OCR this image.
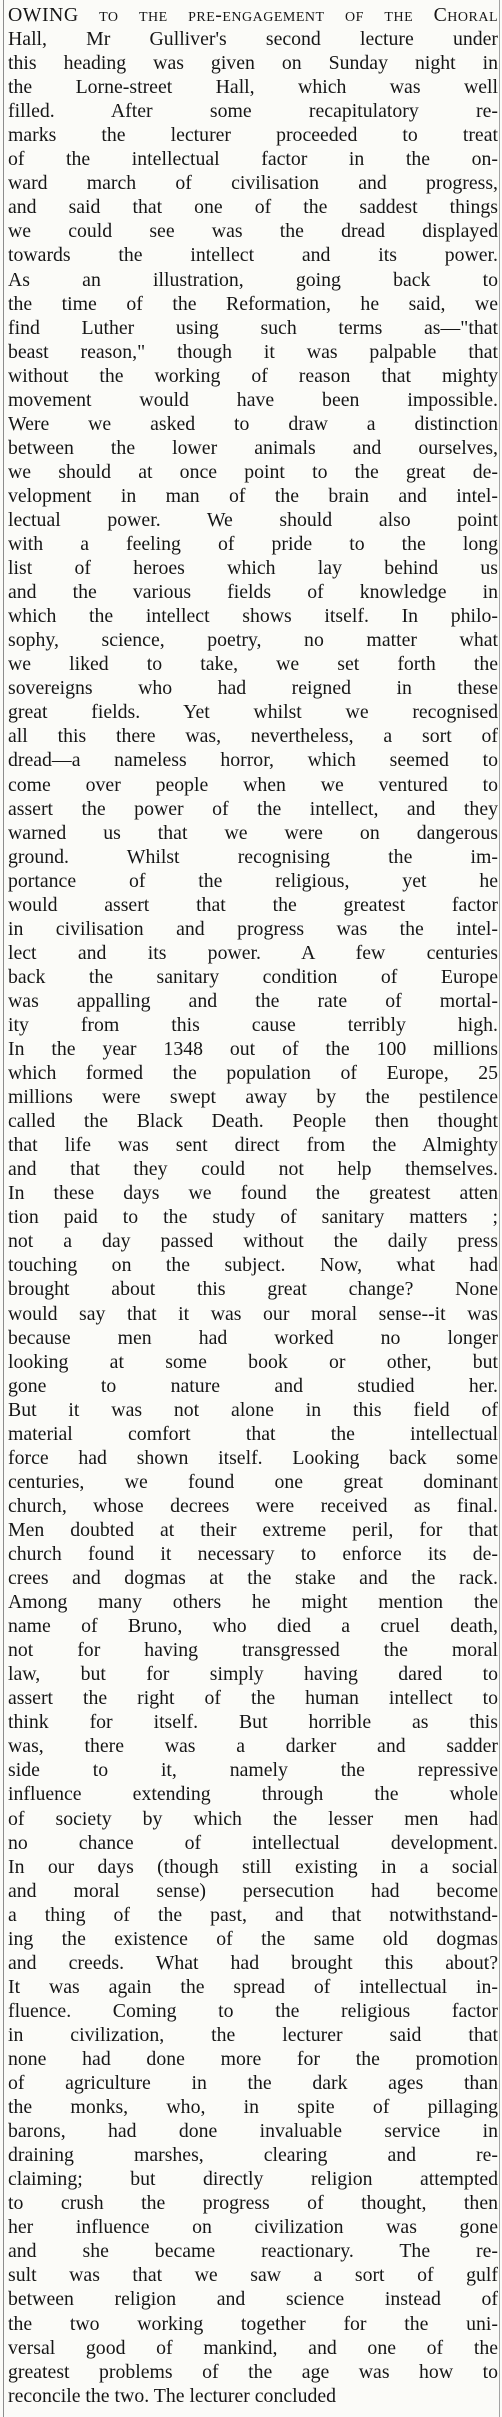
OWING to the pre-engagement of the Choral
Hall, Mr Gulliver's second lecture under
this heading was given on Sunday night in
the Lorne-street Hall, which was well
filled. After some recapitulatory re-
marks the lecturer proceeded to treat
of the intellectual factor in the on-
ward march of civilisation and progress,
and said that one of the saddest things
we could see was the dread displayed
towards the intellect and its power.
As an illustration, going back to
the time of the Reformation, he said, we
find Luther using such terms as—"that
beast reason," though it was palpable that
without the working of reason that mighty
movement would have been impossible.
Were we asked to draw a distinction
between the lower animals and ourselves,
we should at once point to the great de-
velopment in man of the brain and intel-
lectual power. We should also point
with a feeling of pride to the long
list of heroes which lay behind us
and the various fields of knowledge in
which the intellect shows itself. In philo-
sophy, science, poetry, no matter what
we liked to take, we set forth the
sovereigns who had reigned in these
great fields. Yet whilst we recognised
all this there was, nevertheless, a sort of
dread—a nameless horror, which seemed to
come over people when we ventured to
assert the power of the intellect, and they
warned us that we were on dangerous
ground. Whilst recognising the im-
portance of the religious, yet he
would assert that the greatest factor
in civilisation and progress was the intel-
lect and its power. A few centuries
back the sanitary condition of Europe
was appalling and the rate of mortal-
ity from this cause terribly high.
In the year 1348 out of the 100 millions
which formed the population of Europe, 25
millions were swept away by the pestilence
called the Black Death. People then thought
that life was sent direct from the Almighty
and that they could not help themselves.
In these days we found the greatest atten
tion paid to the study of sanitary matters ;
not a day passed without the daily press
touching on the subject. Now, what had
brought about this great change? None
would say that it was our moral sense--it was
because men had worked no longer
looking at some book or other, but
gone to nature and studied her.
But it was not alone in this field of
material comfort that the intellectual
force had shown itself. Looking back some
centuries, we found one great dominant
church, whose decrees were received as final.
Men doubted at their extreme peril, for that
church found it necessary to enforce its de-
crees and dogmas at the stake and the rack.
Among many others he might mention the
name of Bruno, who died a cruel death,
not for having transgressed the moral
law, but for simply having dared to
assert the right of the human intellect to
think for itself. But horrible as this
was, there was a darker and sadder
side to it, namely the repressive
influence extending through the whole
of society by which the lesser men had
no chance of intellectual development.
In our days (though still existing in a social
and moral sense) persecution had become
a thing of the past, and that notwithstand-
ing the existence of the same old dogmas
and creeds. What had brought this about?
It was again the spread of intellectual in-
fluence. Coming to the religious factor
in civilization, the lecturer said that
none had done more for the promotion
of agriculture in the dark ages than
the monks, who, in spite of pillaging
barons, had done invaluable service in
draining marshes, clearing and re-
claiming; but directly religion attempted
to crush the progress of thought, then
her influence on civilization was gone
and she became reactionary. The re-
sult was that we saw a sort of gulf
between religion and science instead of
the two working together for the uni-
versal good of mankind, and one of the
greatest problems of the age was how to
reconcile the two. The lecturer concluded
